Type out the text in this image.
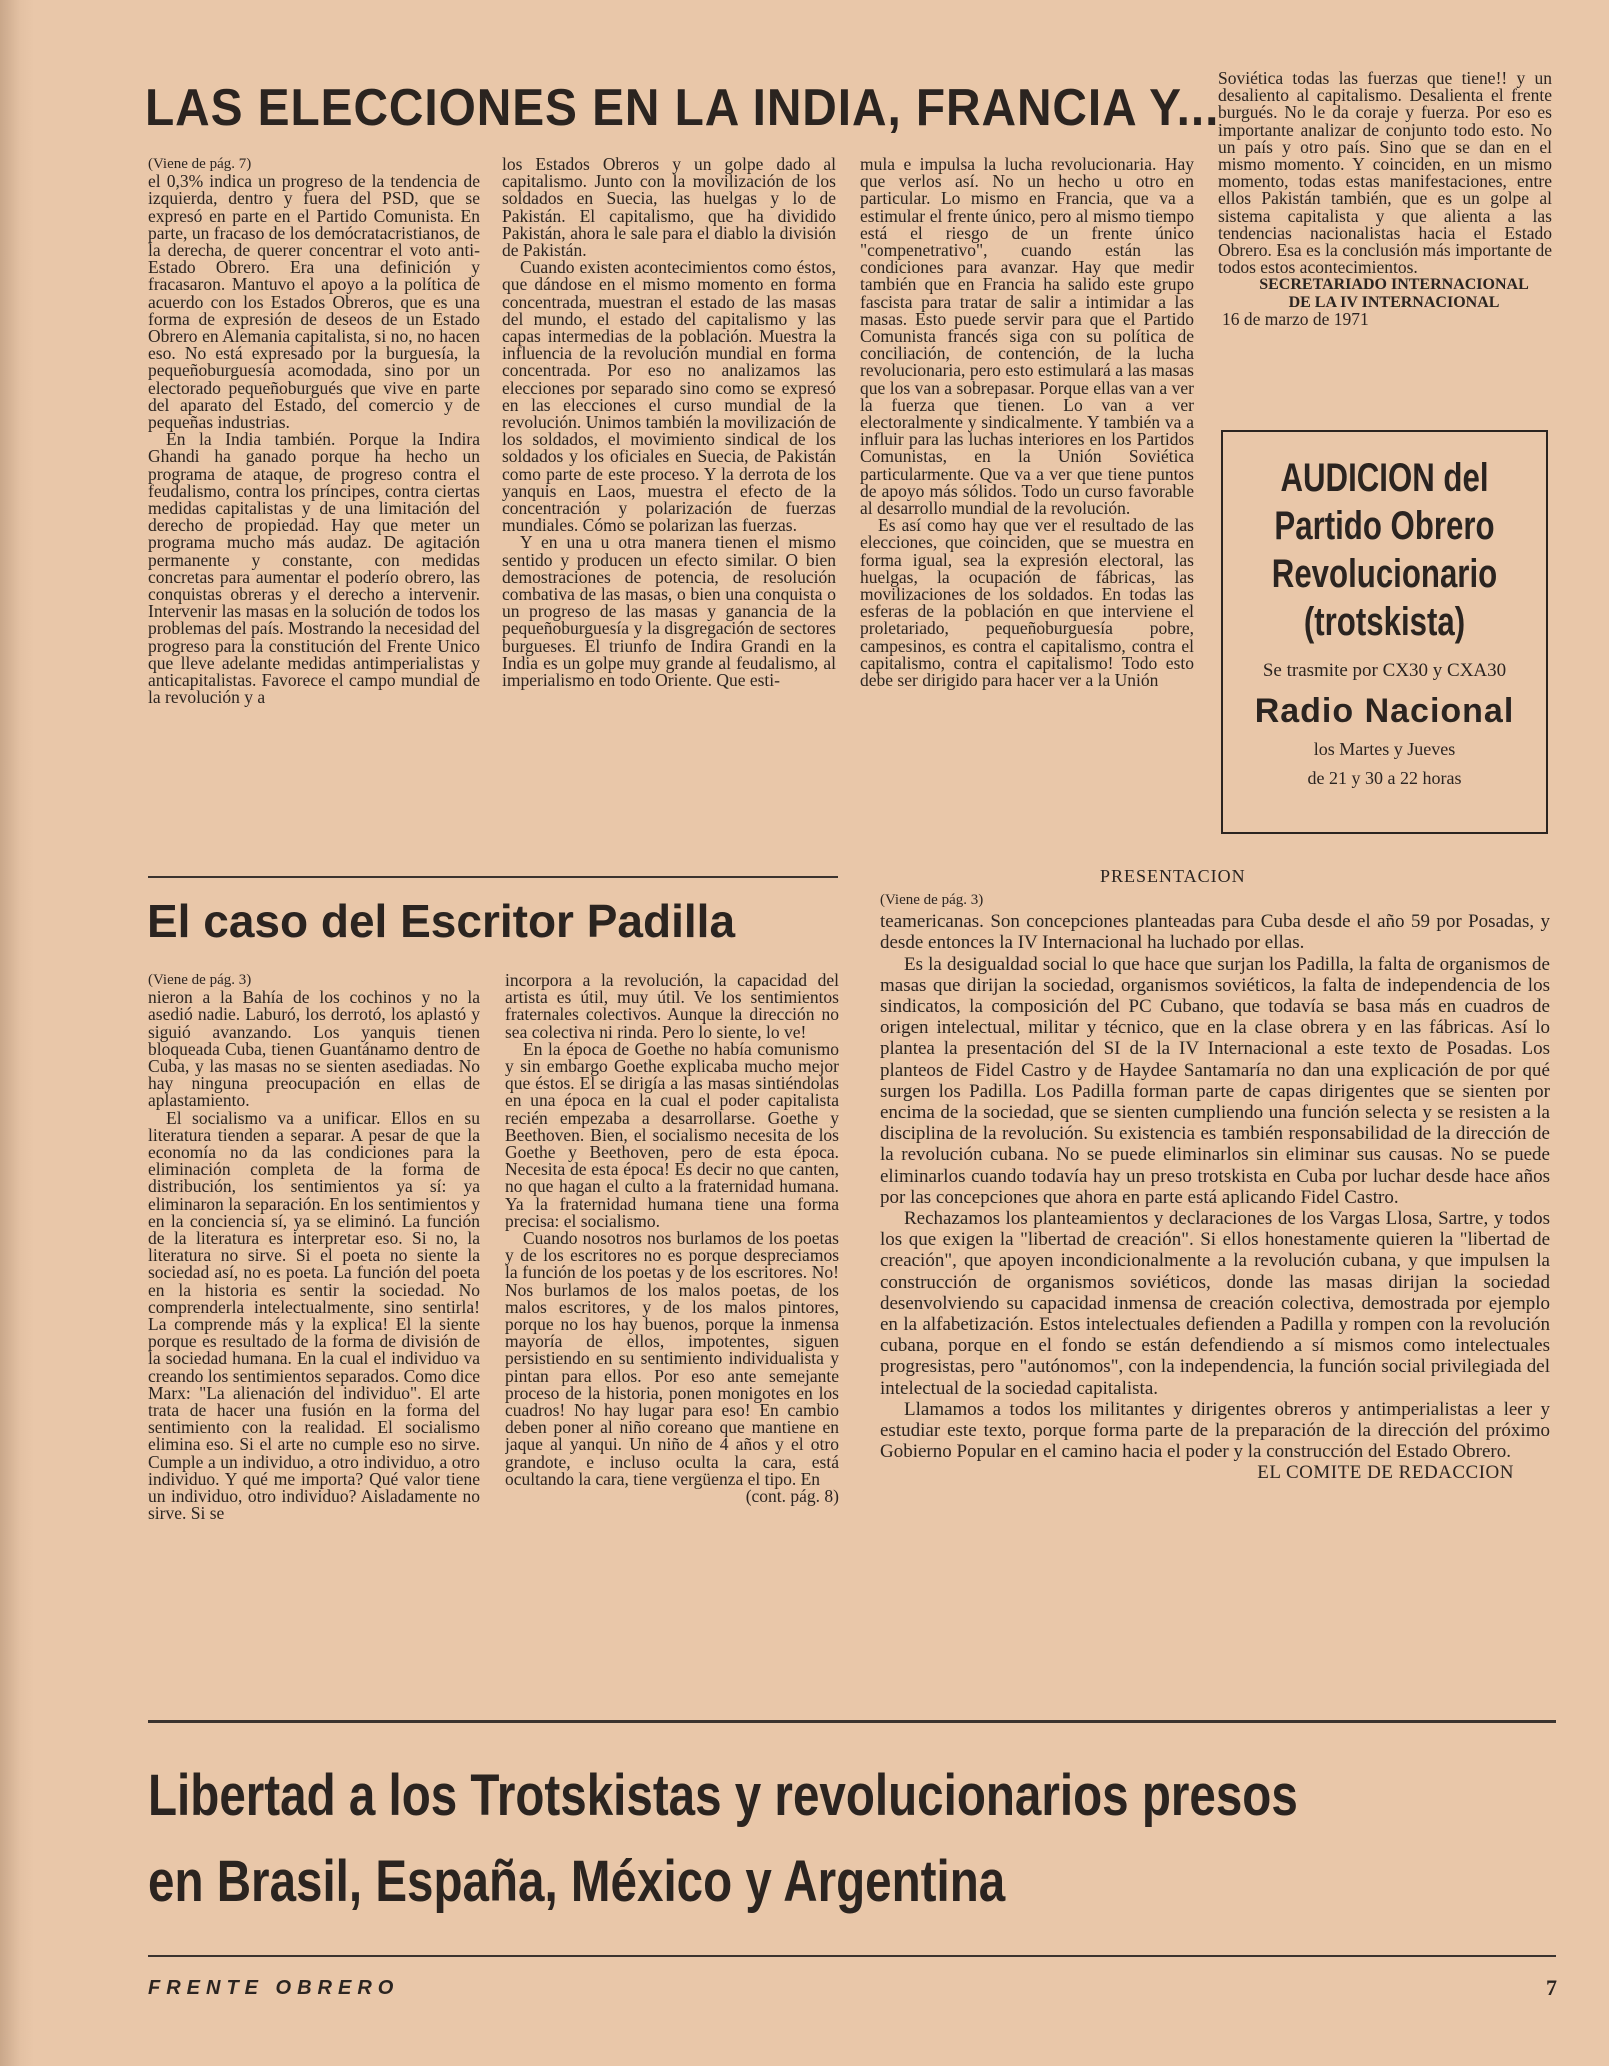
LAS ELECCIONES EN LA INDIA, FRANCIA Y...

(Viene de pág. 7)

el 0,3% indica un progreso de la tendencia de izquierda, dentro y fuera del PSD, que se expresó en parte en el Partido Comunista. En parte, un fracaso de los demócratacristianos, de la derecha, de querer concentrar el voto anti-Estado Obrero. Era una definición y fracasaron. Mantuvo el apoyo a la política de acuerdo con los Estados Obreros, que es una forma de expresión de deseos de un Estado Obrero en Alemania capitalista, si no, no hacen eso. No está expresado por la burguesía, la pequeñoburguesía acomodada, sino por un electorado pequeñoburgués que vive en parte del aparato del Estado, del comercio y de pequeñas industrias.

En la India también. Porque la Indira Ghandi ha ganado porque ha hecho un programa de ataque, de progreso contra el feudalismo, contra los príncipes, contra ciertas medidas capitalistas y de una limitación del derecho de propiedad. Hay que meter un programa mucho más audaz. De agitación permanente y constante, con medidas concretas para aumentar el poderío obrero, las conquistas obreras y el derecho a intervenir. Intervenir las masas en la solución de todos los problemas del país. Mostrando la necesidad del progreso para la constitución del Frente Unico que lleve adelante medidas antimperialistas y anticapitalistas. Favorece el campo mundial de la revolución y a

los Estados Obreros y un golpe dado al capitalismo. Junto con la movilización de los soldados en Suecia, las huelgas y lo de Pakistán. El capitalismo, que ha dividido Pakistán, ahora le sale para el diablo la división de Pakistán.

Cuando existen acontecimientos como éstos, que dándose en el mismo momento en forma concentrada, muestran el estado de las masas del mundo, el estado del capitalismo y las capas intermedias de la población. Muestra la influencia de la revolución mundial en forma concentrada. Por eso no analizamos las elecciones por separado sino como se expresó en las elecciones el curso mundial de la revolución. Unimos también la movilización de los soldados, el movimiento sindical de los soldados y los oficiales en Suecia, de Pakistán como parte de este proceso. Y la derrota de los yanquis en Laos, muestra el efecto de la concentración y polarización de fuerzas mundiales. Cómo se polarizan las fuerzas.

Y en una u otra manera tienen el mismo sentido y producen un efecto similar. O bien demostraciones de potencia, de resolución combativa de las masas, o bien una conquista o un progreso de las masas y ganancia de la pequeñoburguesía y la disgregación de sectores burgueses. El triunfo de Indira Grandi en la India es un golpe muy grande al feudalismo, al imperialismo en todo Oriente. Que esti-

mula e impulsa la lucha revolucionaria. Hay que verlos así. No un hecho u otro en particular. Lo mismo en Francia, que va a estimular el frente único, pero al mismo tiempo está el riesgo de un frente único "compenetrativo", cuando están las condiciones para avanzar. Hay que medir también que en Francia ha salido este grupo fascista para tratar de salir a intimidar a las masas. Esto puede servir para que el Partido Comunista francés siga con su política de conciliación, de contención, de la lucha revolucionaria, pero esto estimulará a las masas que los van a sobrepasar. Porque ellas van a ver la fuerza que tienen. Lo van a ver electoralmente y sindicalmente. Y también va a influir para las luchas interiores en los Partidos Comunistas, en la Unión Soviética particularmente. Que va a ver que tiene puntos de apoyo más sólidos. Todo un curso favorable al desarrollo mundial de la revolución.

Es así como hay que ver el resultado de las elecciones, que coinciden, que se muestra en forma igual, sea la expresión electoral, las huelgas, la ocupación de fábricas, las movilizaciones de los soldados. En todas las esferas de la población en que interviene el proletariado, pequeñoburguesía pobre, campesinos, es contra el capitalismo, contra el capitalismo, contra el capitalismo! Todo esto debe ser dirigido para hacer ver a la Unión

Soviética todas las fuerzas que tiene!! y un desaliento al capitalismo. Desalienta el frente burgués. No le da coraje y fuerza. Por eso es importante analizar de conjunto todo esto. No un país y otro país. Sino que se dan en el mismo momento. Y coinciden, en un mismo momento, todas estas manifestaciones, entre ellos Pakistán también, que es un golpe al sistema capitalista y que alienta a las tendencias nacionalistas hacia el Estado Obrero. Esa es la conclusión más importante de todos estos acontecimientos.

SECRETARIADO INTERNACIONAL

DE LA IV INTERNACIONAL

16 de marzo de 1971

AUDICION del
Partido Obrero
Revolucionario
(trotskista)
Se trasmite por CX30 y CXA30
Radio Nacional
los Martes y Jueves
de 21 y 30 a 22 horas
El caso del Escritor Padilla

(Viene de pág. 3)

nieron a la Bahía de los cochinos y no la asedió nadie. Laburó, los derrotó, los aplastó y siguió avanzando. Los yanquis tienen bloqueada Cuba, tienen Guantánamo dentro de Cuba, y las masas no se sienten asediadas. No hay ninguna preocupación en ellas de aplastamiento.

El socialismo va a unificar. Ellos en su literatura tienden a separar. A pesar de que la economía no da las condiciones para la eliminación completa de la forma de distribución, los sentimientos ya sí: ya eliminaron la separación. En los sentimientos y en la conciencia sí, ya se eliminó. La función de la literatura es interpretar eso. Si no, la literatura no sirve. Si el poeta no siente la sociedad así, no es poeta. La función del poeta en la historia es sentir la sociedad. No comprenderla intelectualmente, sino sentirla! La comprende más y la explica! El la siente porque es resultado de la forma de división de la sociedad humana. En la cual el individuo va creando los sentimientos separados. Como dice Marx: "La alienación del individuo". El arte trata de hacer una fusión en la forma del sentimiento con la realidad. El socialismo elimina eso. Si el arte no cumple eso no sirve. Cumple a un individuo, a otro individuo, a otro individuo. Y qué me importa? Qué valor tiene un individuo, otro individuo? Aisladamente no sirve. Si se

incorpora a la revolución, la capacidad del artista es útil, muy útil. Ve los sentimientos fraternales colectivos. Aunque la dirección no sea colectiva ni rinda. Pero lo siente, lo ve!

En la época de Goethe no había comunismo y sin embargo Goethe explicaba mucho mejor que éstos. El se dirigía a las masas sintiéndolas en una época en la cual el poder capitalista recién empezaba a desarrollarse. Goethe y Beethoven. Bien, el socialismo necesita de los Goethe y Beethoven, pero de esta época. Necesita de esta época! Es decir no que canten, no que hagan el culto a la fraternidad humana. Ya la fraternidad humana tiene una forma precisa: el socialismo.

Cuando nosotros nos burlamos de los poetas y de los escritores no es porque despreciamos la función de los poetas y de los escritores. No! Nos burlamos de los malos poetas, de los malos escritores, y de los malos pintores, porque no los hay buenos, porque la inmensa mayoría de ellos, impotentes, siguen persistiendo en su sentimiento individualista y pintan para ellos. Por eso ante semejante proceso de la historia, ponen monigotes en los cuadros! No hay lugar para eso! En cambio deben poner al niño coreano que mantiene en jaque al yanqui. Un niño de 4 años y el otro grandote, e incluso oculta la cara, está ocultando la cara, tiene vergüenza el tipo. En

(cont. pág. 8)

PRESENTACION

(Viene de pág. 3)

teamericanas. Son concepciones planteadas para Cuba desde el año 59 por Posadas, y desde entonces la IV Internacional ha luchado por ellas.

Es la desigualdad social lo que hace que surjan los Padilla, la falta de organismos de masas que dirijan la sociedad, organismos soviéticos, la falta de independencia de los sindicatos, la composición del PC Cubano, que todavía se basa más en cuadros de origen intelectual, militar y técnico, que en la clase obrera y en las fábricas. Así lo plantea la presentación del SI de la IV Internacional a este texto de Posadas. Los planteos de Fidel Castro y de Haydee Santamaría no dan una explicación de por qué surgen los Padilla. Los Padilla forman parte de capas dirigentes que se sienten por encima de la sociedad, que se sienten cumpliendo una función selecta y se resisten a la disciplina de la revolución. Su existencia es también responsabilidad de la dirección de la revolución cubana. No se puede eliminarlos sin eliminar sus causas. No se puede eliminarlos cuando todavía hay un preso trotskista en Cuba por luchar desde hace años por las concepciones que ahora en parte está aplicando Fidel Castro.

Rechazamos los planteamientos y declaraciones de los Vargas Llosa, Sartre, y todos los que exigen la "libertad de creación". Si ellos honestamente quieren la "libertad de creación", que apoyen incondicionalmente a la revolución cubana, y que impulsen la construcción de organismos soviéticos, donde las masas dirijan la sociedad desenvolviendo su capacidad inmensa de creación colectiva, demostrada por ejemplo en la alfabetización. Estos intelectuales defienden a Padilla y rompen con la revolución cubana, porque en el fondo se están defendiendo a sí mismos como intelectuales progresistas, pero "autónomos", con la independencia, la función social privilegiada del intelectual de la sociedad capitalista.

Llamamos a todos los militantes y dirigentes obreros y antimperialistas a leer y estudiar este texto, porque forma parte de la preparación de la dirección del próximo Gobierno Popular en el camino hacia el poder y la construcción del Estado Obrero.

EL COMITE DE REDACCION

Libertad a los Trotskistas y revolucionarios presos
en Brasil, España, México y Argentina
FRENTE OBRERO	7
